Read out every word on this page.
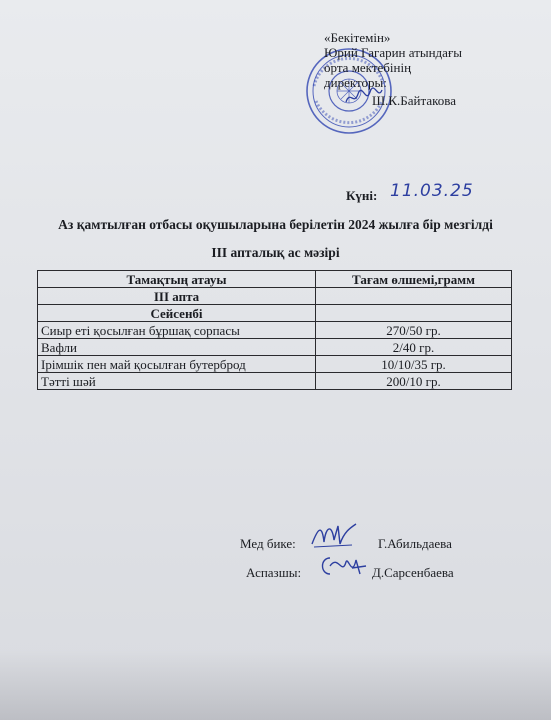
«Бекітемін»
Юрий Гагарин атындағы
орта мектебінің
директоры:
Ш.К.Байтакова
Күні: 11.03.25
Аз қамтылған отбасы оқушыларына берілетін 2024 жылға бір мезгілді
III апталық ас мәзірі
Тамақтың атауы	Тағам өлшемі,грамм
III апта	
Сейсенбі	
Сиыр еті қосылған бұршақ сорпасы	270/50 гр.
Вафли	2/40 гр.
Ірімшік пен май қосылған бутерброд	10/10/35 гр.
Тәтті шәй	200/10 гр.
Мед бике:	Г.Абильдаева
Аспазшы:	Д.Сарсенбаева
